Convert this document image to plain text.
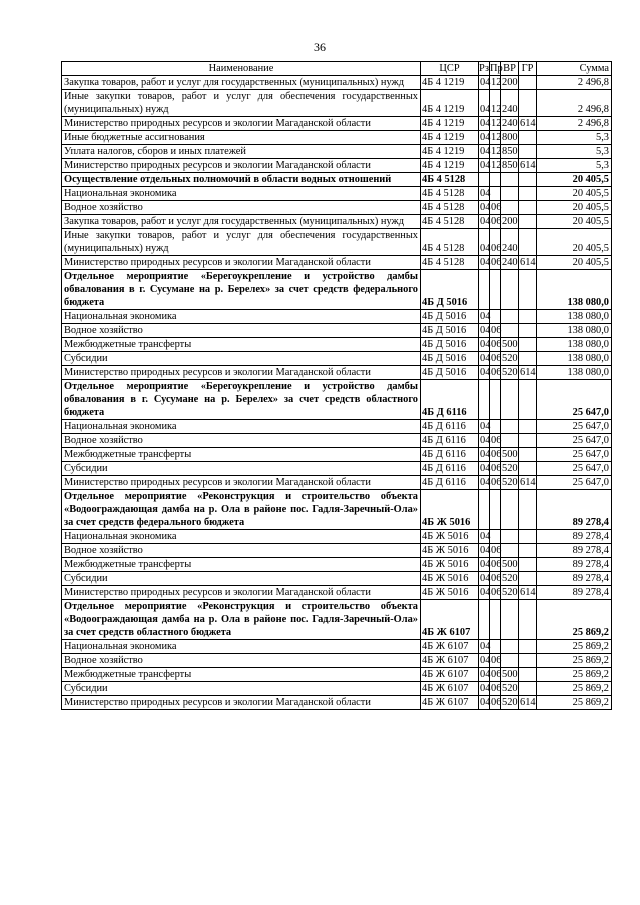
36
Наименование	ЦСР	Рз	Пр	ВР	ГР	Сумма
Закупка товаров, работ и услуг для государственных (муниципальных) нужд	4Б 4 1219	04	12	200		2 496,8
Иные закупки товаров, работ и услуг для обеспечения государственных (муниципальных) нужд	4Б 4 1219	04	12	240		2 496,8
Министерство природных ресурсов и экологии Магаданской области	4Б 4 1219	04	12	240	614	2 496,8
Иные бюджетные ассигнования	4Б 4 1219	04	12	800		5,3
Уплата налогов, сборов и иных платежей	4Б 4 1219	04	12	850		5,3
Министерство природных ресурсов и экологии Магаданской области	4Б 4 1219	04	12	850	614	5,3
Осуществление отдельных полномочий в области водных отношений	4Б 4 5128					20 405,5
Национальная экономика	4Б 4 5128	04				20 405,5
Водное хозяйство	4Б 4 5128	04	06			20 405,5
Закупка товаров, работ и услуг для государственных (муниципальных) нужд	4Б 4 5128	04	06	200		20 405,5
Иные закупки товаров, работ и услуг для обеспечения государственных (муниципальных) нужд	4Б 4 5128	04	06	240		20 405,5
Министерство природных ресурсов и экологии Магаданской области	4Б 4 5128	04	06	240	614	20 405,5
Отдельное мероприятие «Берегоукрепление и устройство дамбы обвалования в г. Сусумане на р. Берелех» за счет средств федерального бюджета	4Б Д 5016					138 080,0
Национальная экономика	4Б Д 5016	04				138 080,0
Водное хозяйство	4Б Д 5016	04	06			138 080,0
Межбюджетные трансферты	4Б Д 5016	04	06	500		138 080,0
Субсидии	4Б Д 5016	04	06	520		138 080,0
Министерство природных ресурсов и экологии Магаданской области	4Б Д 5016	04	06	520	614	138 080,0
Отдельное мероприятие «Берегоукрепление и устройство дамбы обвалования в г. Сусумане на р. Берелех» за счет средств областного бюджета	4Б Д 6116					25 647,0
Национальная экономика	4Б Д 6116	04				25 647,0
Водное хозяйство	4Б Д 6116	04	06			25 647,0
Межбюджетные трансферты	4Б Д 6116	04	06	500		25 647,0
Субсидии	4Б Д 6116	04	06	520		25 647,0
Министерство природных ресурсов и экологии Магаданской области	4Б Д 6116	04	06	520	614	25 647,0
Отдельное мероприятие «Реконструкция и строительство объекта «Водоограждающая дамба на р. Ола в районе пос. Гадля-Заречный-Ола» за счет средств федерального бюджета	4Б Ж 5016					89 278,4
Национальная экономика	4Б Ж 5016	04				89 278,4
Водное хозяйство	4Б Ж 5016	04	06			89 278,4
Межбюджетные трансферты	4Б Ж 5016	04	06	500		89 278,4
Субсидии	4Б Ж 5016	04	06	520		89 278,4
Министерство природных ресурсов и экологии Магаданской области	4Б Ж 5016	04	06	520	614	89 278,4
Отдельное мероприятие «Реконструкция и строительство объекта «Водоограждающая дамба на р. Ола в районе пос. Гадля-Заречный-Ола» за счет средств областного бюджета	4Б Ж 6107					25 869,2
Национальная экономика	4Б Ж 6107	04				25 869,2
Водное хозяйство	4Б Ж 6107	04	06			25 869,2
Межбюджетные трансферты	4Б Ж 6107	04	06	500		25 869,2
Субсидии	4Б Ж 6107	04	06	520		25 869,2
Министерство природных ресурсов и экологии Магаданской области	4Б Ж 6107	04	06	520	614	25 869,2
